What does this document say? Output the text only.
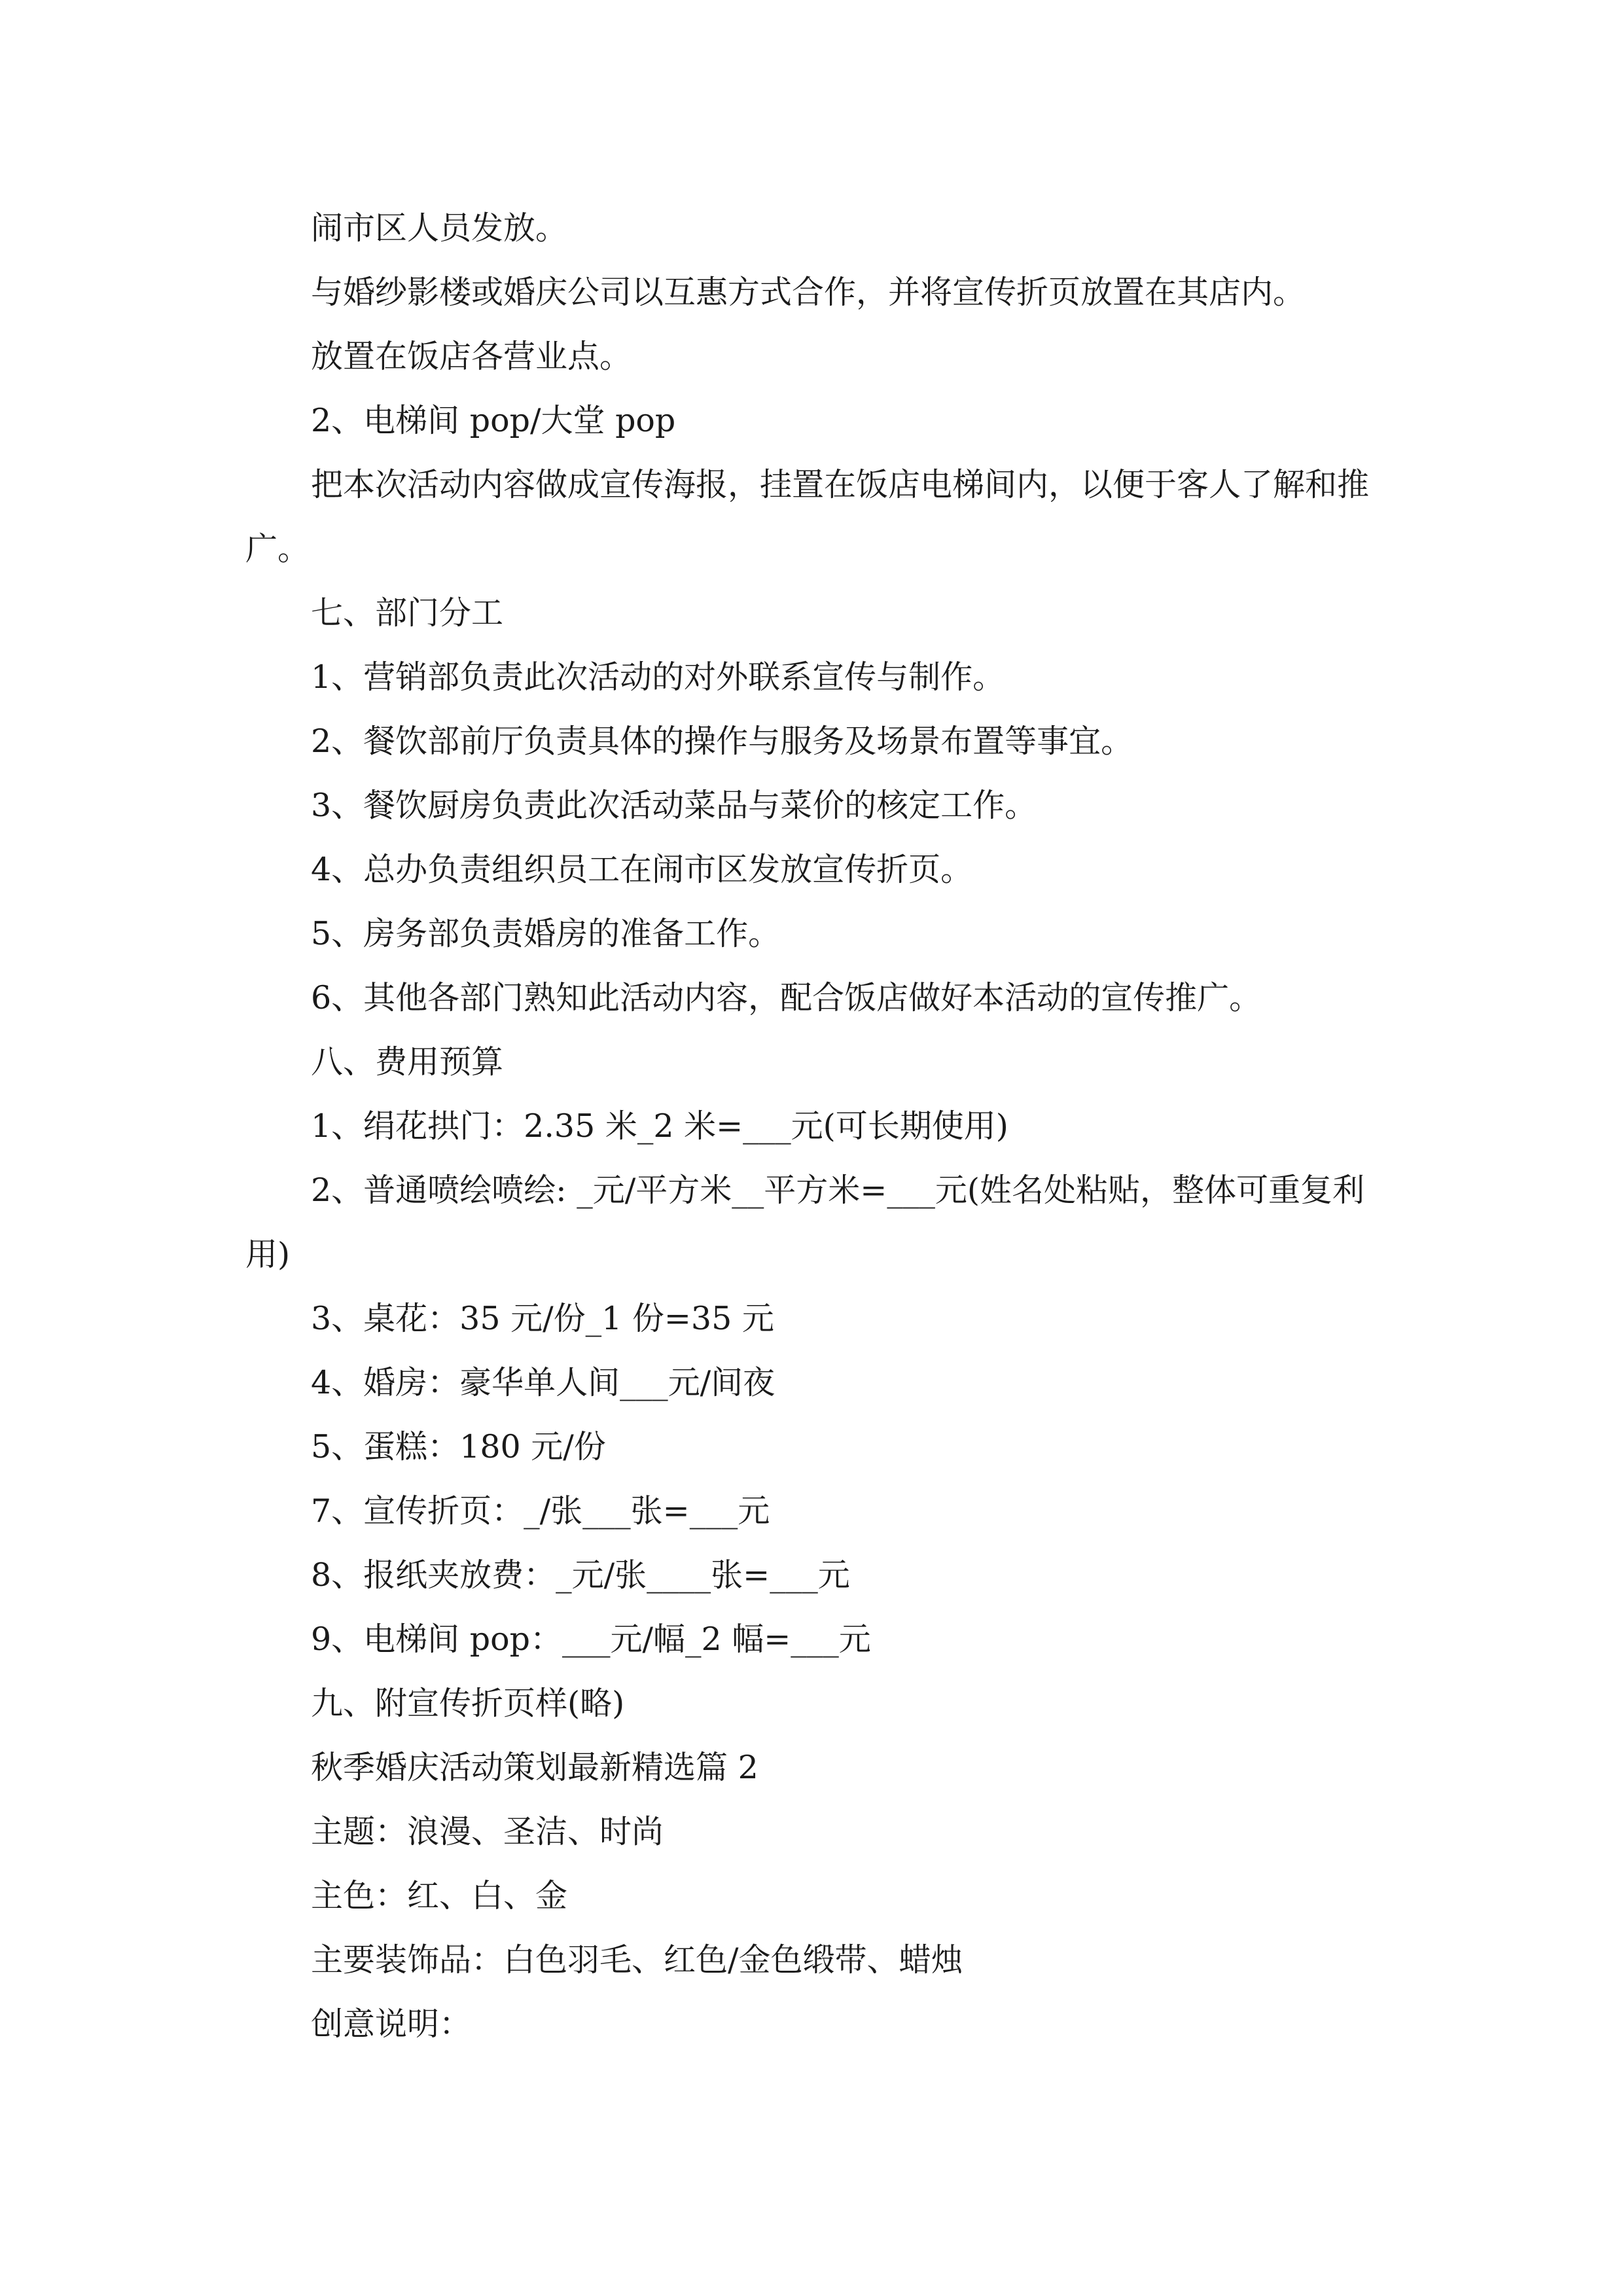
闹市区人员发放。

与婚纱影楼或婚庆公司以互惠方式合作，并将宣传折页放置在其店内。

放置在饭店各营业点。

2、电梯间 pop/大堂 pop

把本次活动内容做成宣传海报，挂置在饭店电梯间内，以便于客人了解和推广。

七、部门分工

1、营销部负责此次活动的对外联系宣传与制作。

2、餐饮部前厅负责具体的操作与服务及场景布置等事宜。

3、餐饮厨房负责此次活动菜品与菜价的核定工作。

4、总办负责组织员工在闹市区发放宣传折页。

5、房务部负责婚房的准备工作。

6、其他各部门熟知此活动内容，配合饭店做好本活动的宣传推广。

八、费用预算

1、绢花拱门：2.35 米_2 米=___元(可长期使用)

2、普通喷绘喷绘: _元/平方米__平方米=___元(姓名处粘贴，整体可重复利用)

3、桌花：35 元/份_1 份=35 元

4、婚房：豪华单人间___元/间夜

5、蛋糕：180 元/份

7、宣传折页：_/张___张=___元

8、报纸夹放费：_元/张____张=___元

9、电梯间 pop：___元/幅_2 幅=___元

九、附宣传折页样(略)

秋季婚庆活动策划最新精选篇 2

主题：浪漫、圣洁、时尚

主色：红、白、金

主要装饰品：白色羽毛、红色/金色缎带、蜡烛

创意说明：
